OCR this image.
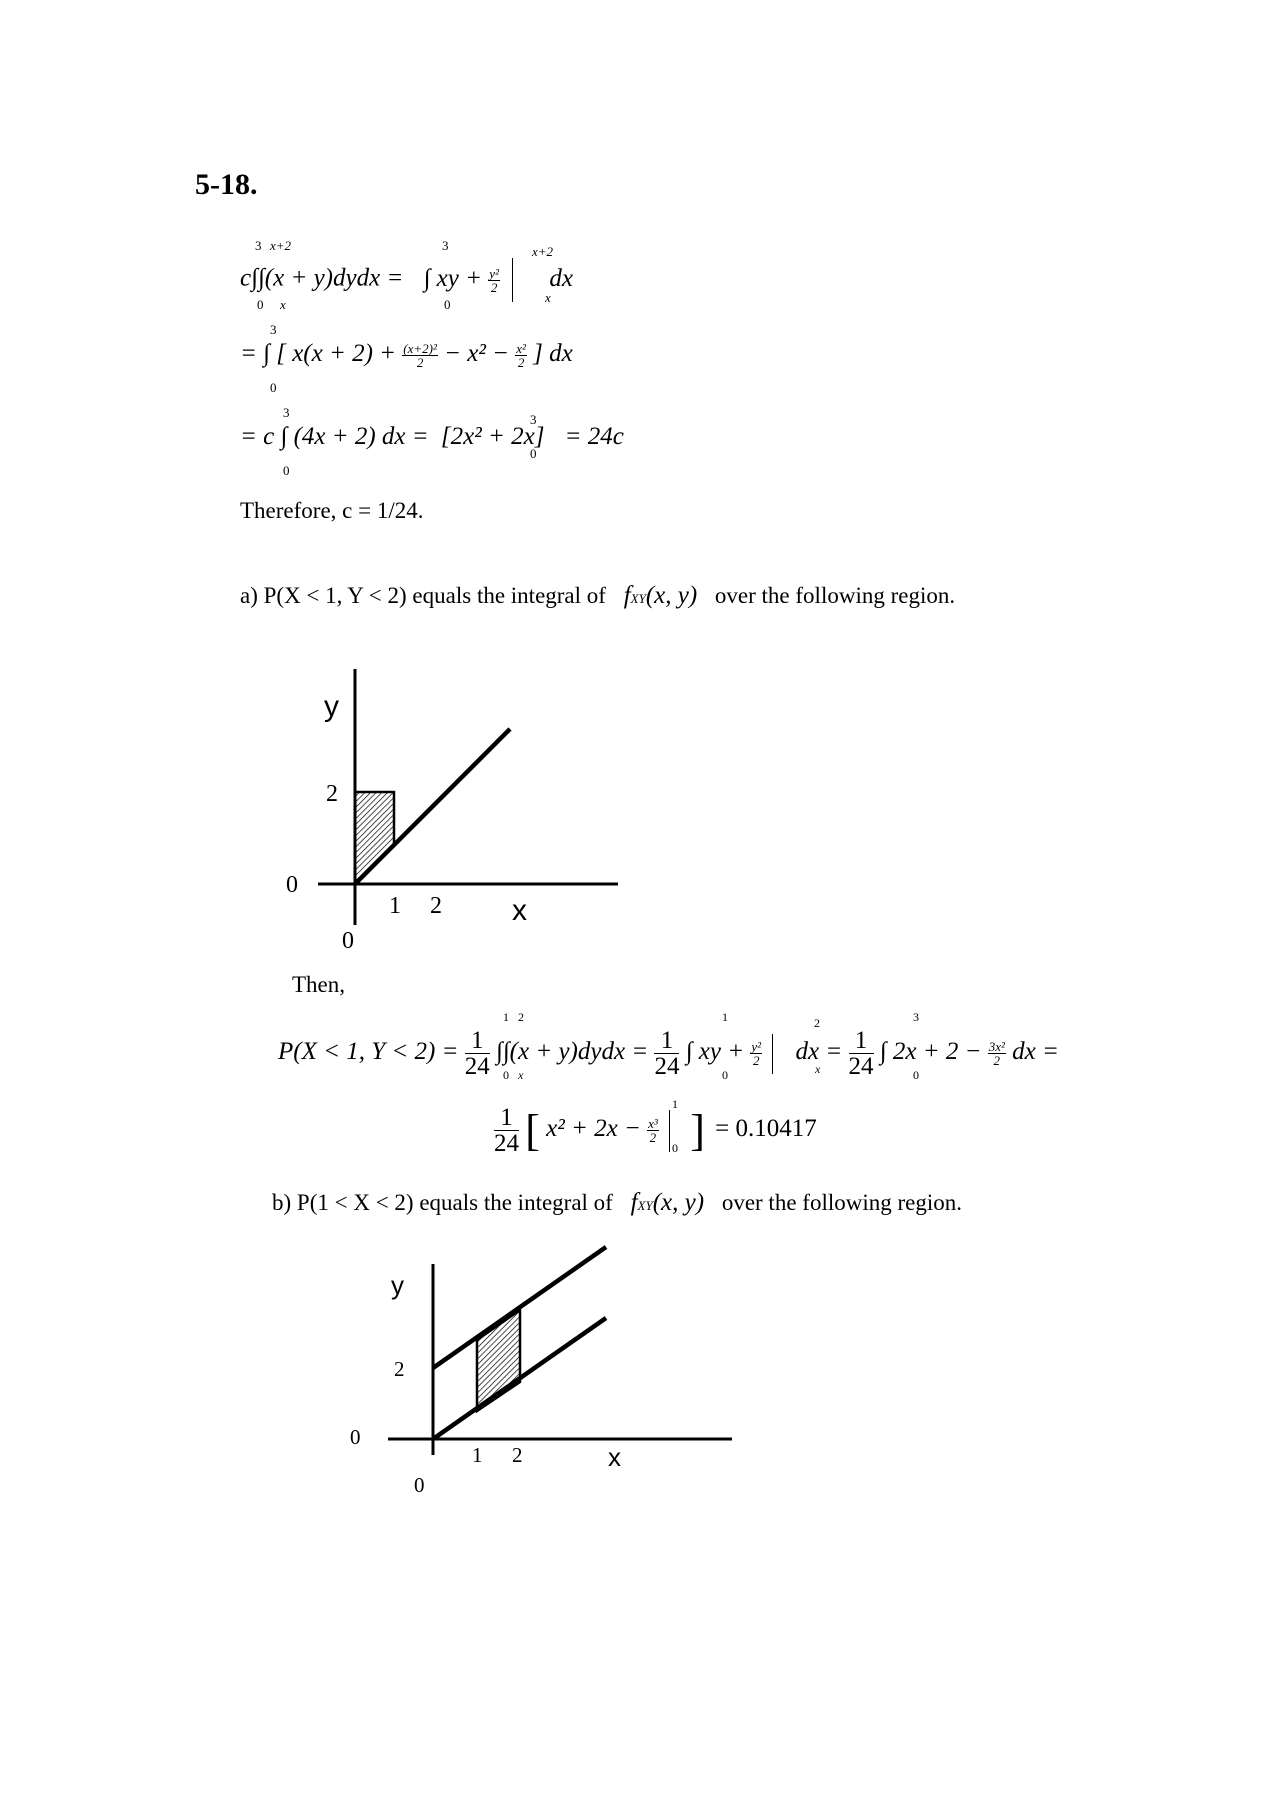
5-18.
c∫∫(x + y)dydx = ∫ xy + $\frac{\text{y²}}{2}$ dx
3 x+2
0 x
3
0
x+2
x
= ∫ [ $x(x + 2) + \frac{\text{(x+2)²}}{2} - x^2 - \frac{\text{x²}}{2}$ ] dx
3
0
= c ∫ (4x + 2) dx = [2x² + 2x] = 24c
3
0
3
0
Therefore, c = 1/24.
a) P(X < 1, Y < 2) equals the integral of fXY(x, y) over the following region.
y
2
0
1 2 x
0
Then,
P(X < 1, $Y < 2) = \frac{1}{24} \int\int(x$ + y)dydx = $\frac{1}{24}$ ∫ xy + $\frac{\text{y²}}{2}$ dx = $\frac{1}{24}$ ∫ $2x + 2 - \frac{\text{3x²}}{2}$ dx =
1 2
0 x
1
0
2
x
3
0
$\frac{1}{24}$ [ $x^2 + 2x - \frac{\text{x³}}{2}$ ] = 0.10417
1
0
b) P(1 < X < 2) equals the integral of fXY(x, y) over the following region.
y
2
0
1 2	x
0
